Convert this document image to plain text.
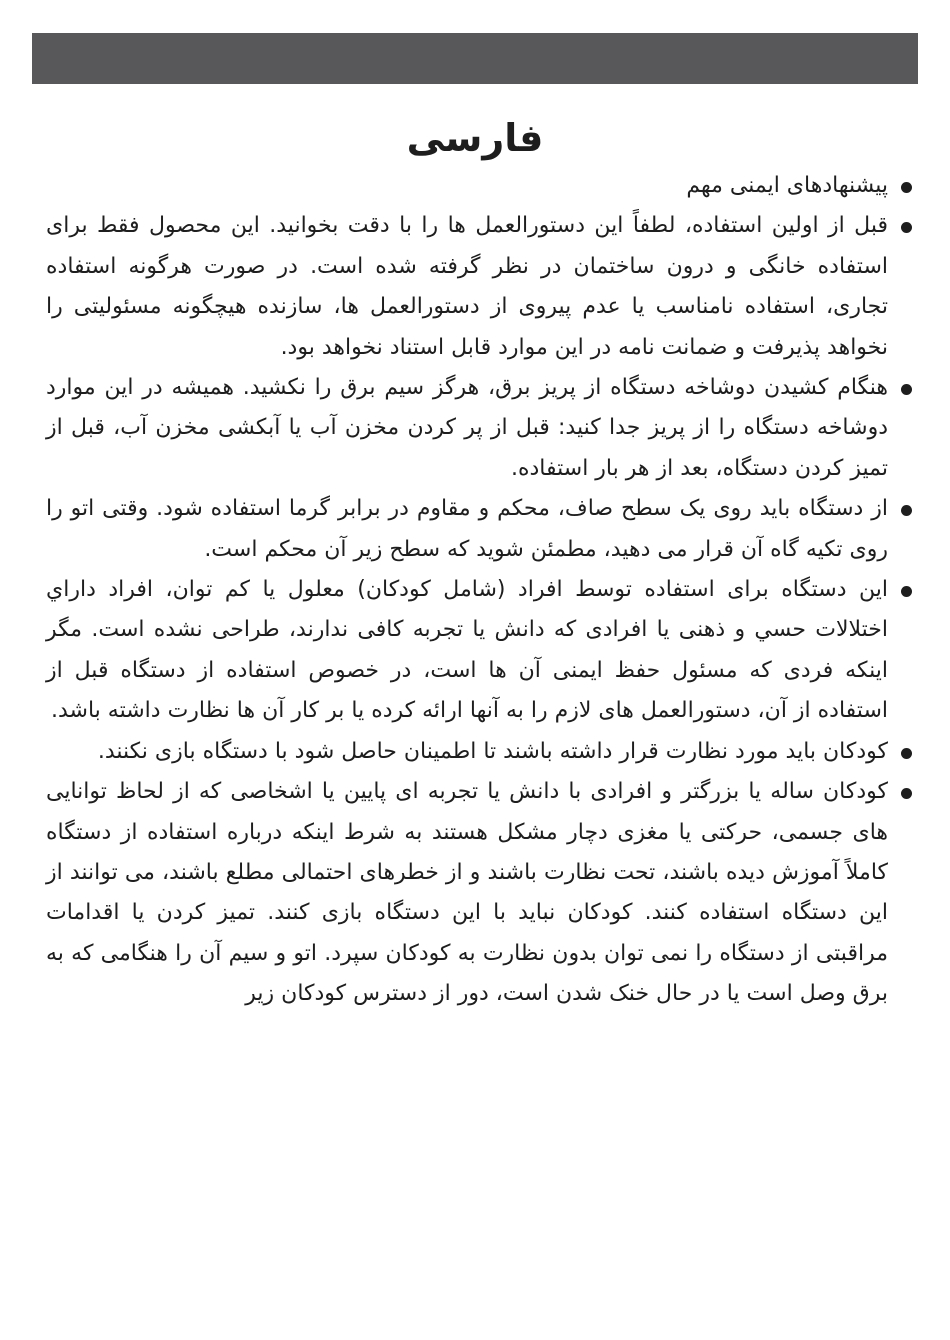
فارسی
پیشنهادهای ایمنی مهم
قبل از اولین استفاده، لطفاً این دستورالعمل ها را با دقت بخوانید. این محصول فقط برای استفاده خانگی و درون ساختمان در نظر گرفته شده است. در صورت هرگونه استفاده تجاری، استفاده نامناسب یا عدم پیروی از دستورالعمل ها، سازنده هیچگونه مسئولیتی را نخواهد پذیرفت و ضمانت نامه در این موارد قابل استناد نخواهد بود.
هنگام کشیدن دوشاخه دستگاه از پریز برق، هرگز سیم برق را نکشید. همیشه در این موارد دوشاخه دستگاه را از پریز جدا کنید: قبل از پر کردن مخزن آب یا آبکشی مخزن آب، قبل از تمیز کردن دستگاه، بعد از هر بار استفاده.
از دستگاه باید روی یک سطح صاف، محکم و مقاوم در برابر گرما استفاده شود. وقتی اتو را روی تکیه گاه آن قرار می دهید، مطمئن شوید که سطح زیر آن محکم است.
این دستگاه برای استفاده توسط افراد (شامل کودکان) معلول یا کم توان، افراد داراي اختلالات حسي و ذهنی یا افرادی که دانش یا تجربه کافی ندارند، طراحی نشده است. مگر اینکه فردی که مسئول حفظ ایمنی آن ها است، در خصوص استفاده از دستگاه قبل از استفاده از آن، دستورالعمل های لازم را به آنها ارائه کرده یا بر کار آن ها نظارت داشته باشد.
کودکان باید مورد نظارت قرار داشته باشند تا اطمینان حاصل شود با دستگاه بازی نکنند.
کودکان ساله یا بزرگتر و افرادی با دانش یا تجربه ای پایین یا اشخاصی که از لحاظ توانایی های جسمی، حرکتی یا مغزی دچار مشکل هستند به شرط اینکه درباره استفاده از دستگاه کاملاً آموزش دیده باشند، تحت نظارت باشند و از خطرهای احتمالی مطلع باشند، می توانند از این دستگاه استفاده کنند. کودکان نباید با این دستگاه بازی کنند. تمیز کردن یا اقدامات مراقبتی از دستگاه را نمی توان بدون نظارت به کودکان سپرد. اتو و سیم آن را هنگامی که به برق وصل است یا در حال خنک شدن است، دور از دسترس کودکان زیر
